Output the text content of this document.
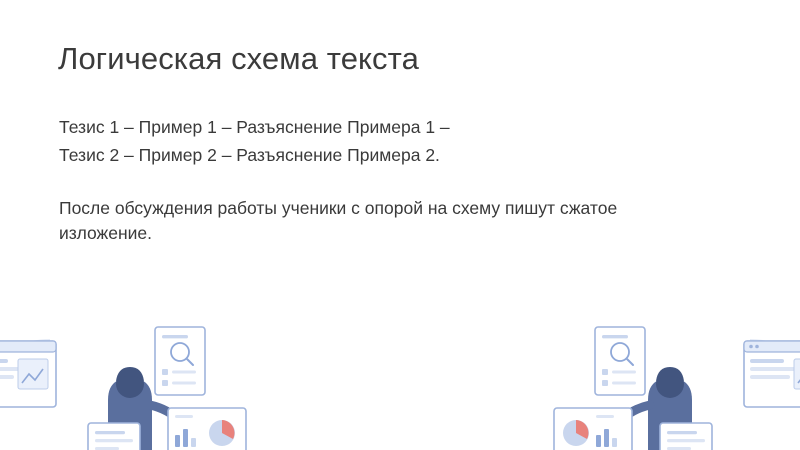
Логическая схема текста
Тезис 1 – Пример 1 – Разъяснение Примера 1 –
Тезис 2 – Пример 2 – Разъяснение Примера 2.
После обсуждения работы ученики с опорой на схему пишут сжатое изложение.
